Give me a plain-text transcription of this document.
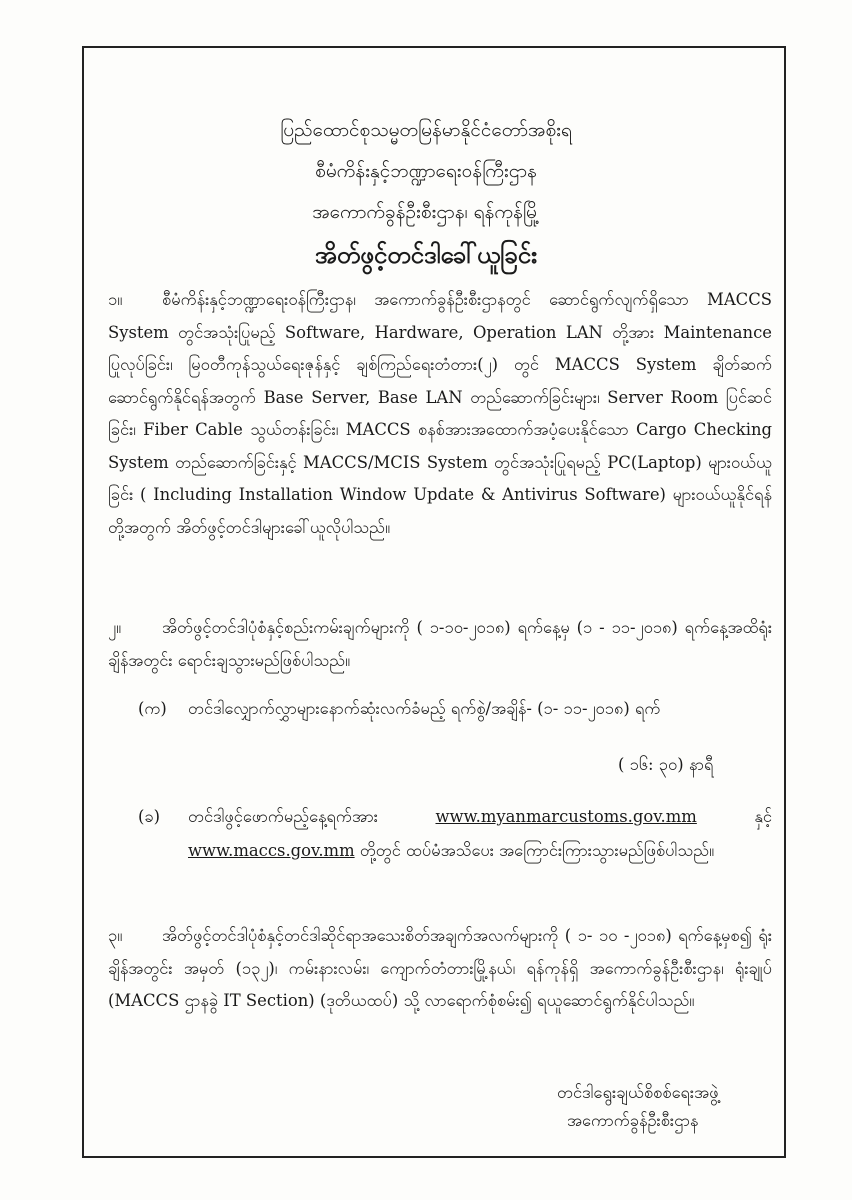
ပြည်ထောင်စုသမ္မတမြန်မာနိုင်ငံတော်အစိုးရ
စီမံကိန်းနှင့်ဘဏ္ဍာရေးဝန်ကြီးဌာန
အကောက်ခွန်ဦးစီးဌာန၊ ရန်ကုန်မြို့
အိတ်ဖွင့်တင်ဒါခေါ်ယူခြင်း

၁။ စီမံကိန်းနှင့်ဘဏ္ဍာရေးဝန်ကြီးဌာန၊ အကောက်ခွန်ဦးစီးဌာနတွင် ဆောင်ရွက်လျက်ရှိသော MACCS System တွင်အသုံးပြုမည့် Software, Hardware, Operation LAN တို့အား Maintenance ပြုလုပ်ခြင်း၊ မြဝတီကုန်သွယ်ရေးဇုန်နှင့် ချစ်ကြည်ရေးတံတား(၂) တွင် MACCS System ချိတ်ဆက်ဆောင်ရွက်နိုင်ရန်အတွက် Base Server, Base LAN တည်ဆောက်ခြင်းများ၊ Server Room ပြင်ဆင်ခြင်း၊ Fiber Cable သွယ်တန်းခြင်း၊ MACCS စနစ်အားအထောက်အပံ့ပေးနိုင်သော Cargo Checking System တည်ဆောက်ခြင်းနှင့် MACCS/MCIS System တွင်အသုံးပြုရမည့် PC(Laptop) များဝယ်ယူခြင်း ( Including Installation Window Update & Antivirus Software) များဝယ်ယူနိုင်ရန်တို့အတွက် အိတ်ဖွင့်တင်ဒါများခေါ်ယူလိုပါသည်။

၂။ အိတ်ဖွင့်တင်ဒါပုံစံနှင့်စည်းကမ်းချက်များကို ( ၁-၁၀-၂၀၁၈) ရက်နေ့မှ (၁ - ၁၁-၂၀၁၈) ရက်နေ့အထိရုံးချိန်အတွင်း ရောင်းချသွားမည်ဖြစ်ပါသည်။

(က) တင်ဒါလျှောက်လွှာများနောက်ဆုံးလက်ခံမည့် ရက်စွဲ/အချိန်- (၁- ၁၁-၂၀၁၈) ရက်
( ၁၆: ၃၀) နာရီ
(ခ) တင်ဒါဖွင့်ဖောက်မည့်နေ့ရက်အား	www.myanmarcustoms.gov.mm	နှင့် www.maccs.gov.mm တို့တွင် ထပ်မံအသိပေး အကြောင်းကြားသွားမည်ဖြစ်ပါသည်။

၃။ အိတ်ဖွင့်တင်ဒါပုံစံနှင့်တင်ဒါဆိုင်ရာအသေးစိတ်အချက်အလက်များကို ( ၁- ၁၀ -၂၀၁၈) ရက်နေ့မှစ၍ ရုံးချိန်အတွင်း အမှတ် (၁၃၂)၊ ကမ်းနားလမ်း၊ ကျောက်တံတားမြို့နယ်၊ ရန်ကုန်ရှိ အကောက်ခွန်ဦးစီးဌာန၊ ရုံးချုပ် (MACCS ဌာနခွဲ IT Section) (ဒုတိယထပ်) သို့ လာရောက်စုံစမ်း၍ ရယူဆောင်ရွက်နိုင်ပါသည်။

တင်ဒါရွေးချယ်စိစစ်ရေးအဖွဲ့
အကောက်ခွန်ဦးစီးဌာန
